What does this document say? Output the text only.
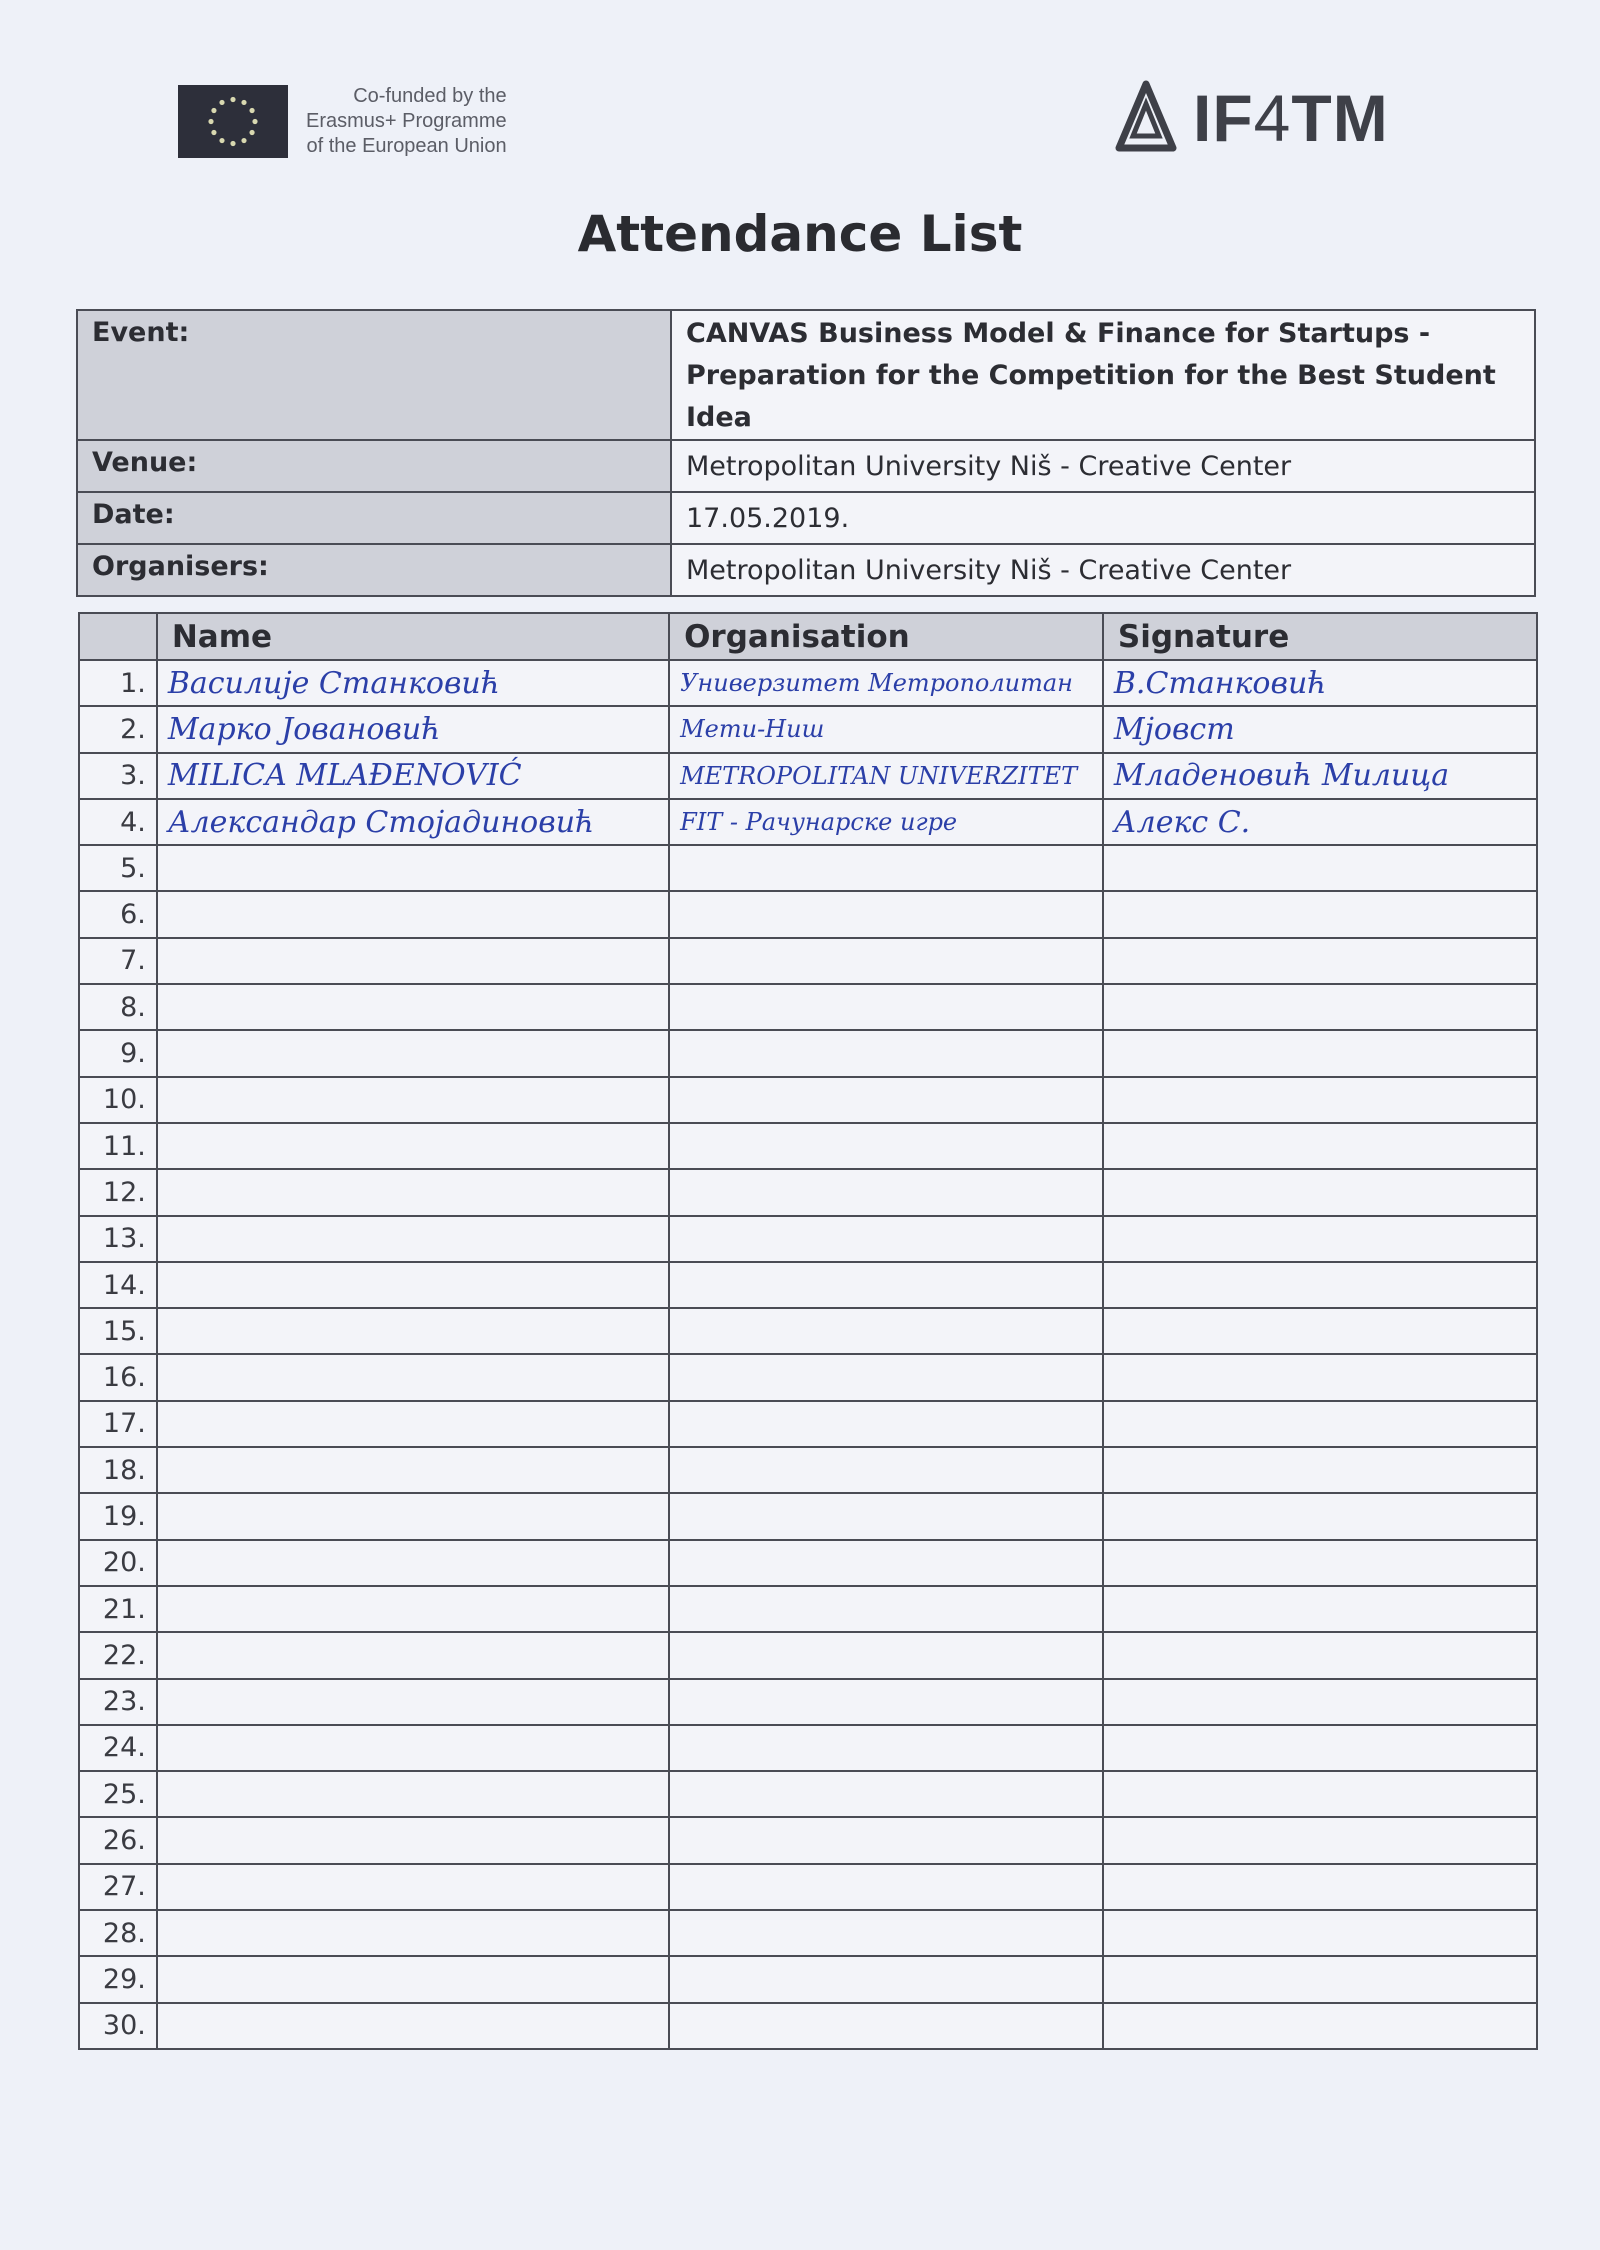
Co-funded by the
Erasmus+ Programme
of the European Union	IF4TM
Attendance List
Event:	CANVAS Business Model & Finance for Startups -
Preparation for the Competition for the Best Student Idea

Venue:	Metropolitan University Niš - Creative Center
Date:	17.05.2019.
Organisers:	Metropolitan University Niš - Creative Center
	Name	Organisation	Signature
1.	Василије Станковић	Универзитет Метрополитан	В.Станковић
2.	Марко Јовановић	Мети-Ниш	Мјовст
3.	MILICA MLAĐENOVIĆ	METROPOLITAN UNIVERZITET	Младеновић Милица
4.	Александар Стојадиновић	FIT - Рачунарске игре	Алекс С.
5.			
6.			
7.			
8.			
9.			
10.			
11.			
12.			
13.			
14.			
15.			
16.			
17.			
18.			
19.			
20.			
21.			
22.			
23.			
24.			
25.			
26.			
27.			
28.			
29.			
30.			
